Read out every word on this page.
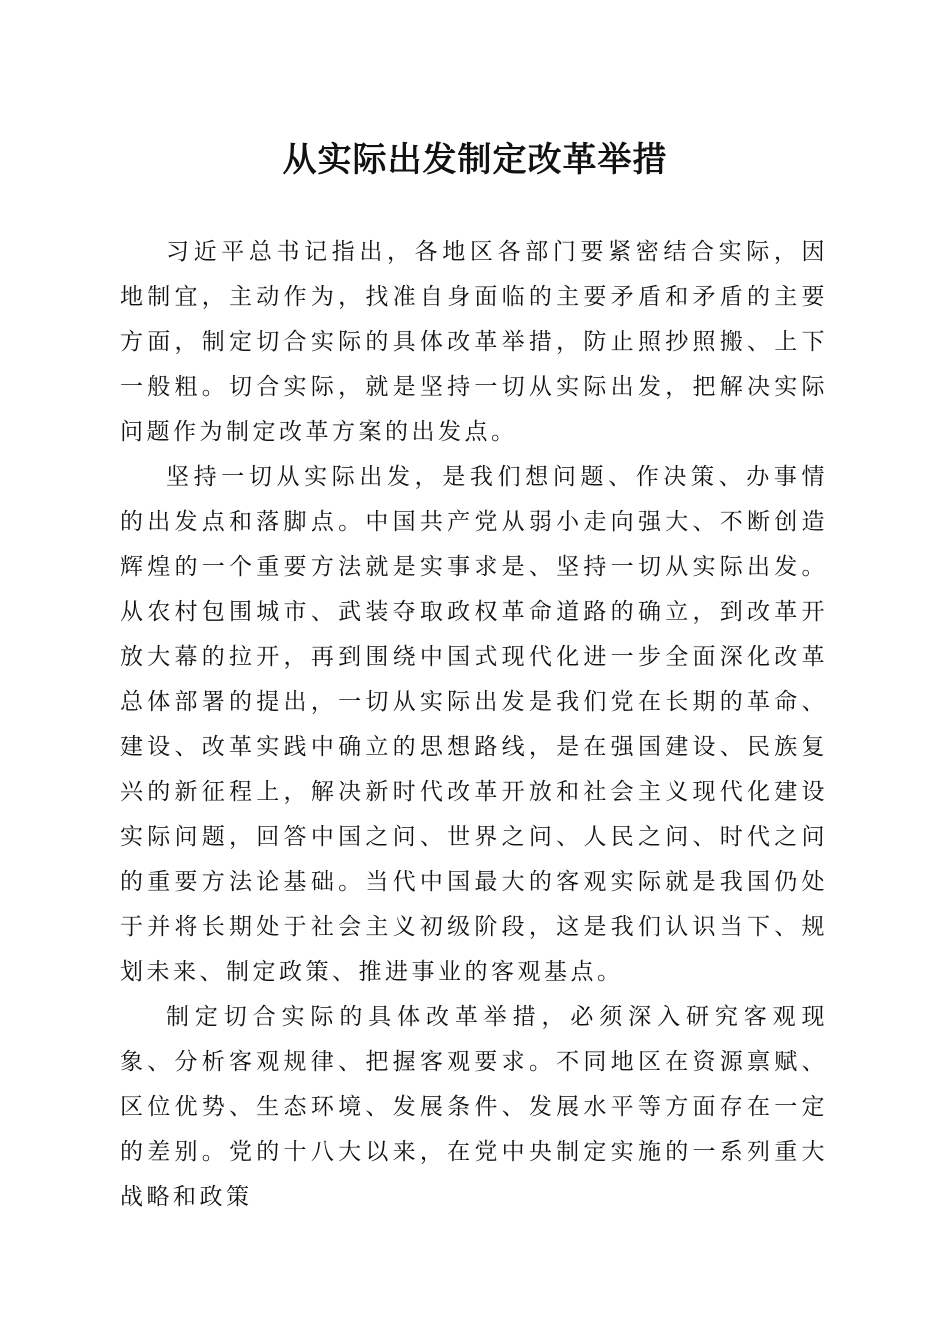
从实际出发制定改革举措

习近平总书记指出，各地区各部门要紧密结合实际，因地制宜，主动作为，找准自身面临的主要矛盾和矛盾的主要方面，制定切合实际的具体改革举措，防止照抄照搬、上下一般粗。切合实际，就是坚持一切从实际出发，把解决实际问题作为制定改革方案的出发点。

坚持一切从实际出发，是我们想问题、作决策、办事情的出发点和落脚点。中国共产党从弱小走向强大、不断创造辉煌的一个重要方法就是实事求是、坚持一切从实际出发。从农村包围城市、武装夺取政权革命道路的确立，到改革开放大幕的拉开，再到围绕中国式现代化进一步全面深化改革总体部署的提出，一切从实际出发是我们党在长期的革命、建设、改革实践中确立的思想路线，是在强国建设、民族复兴的新征程上，解决新时代改革开放和社会主义现代化建设实际问题，回答中国之问、世界之问、人民之问、时代之问的重要方法论基础。当代中国最大的客观实际就是我国仍处于并将长期处于社会主义初级阶段，这是我们认识当下、规划未来、制定政策、推进事业的客观基点。

制定切合实际的具体改革举措，必须深入研究客观现象、分析客观规律、把握客观要求。不同地区在资源禀赋、区位优势、生态环境、发展条件、发展水平等方面存在一定的差别。党的十八大以来，在党中央制定实施的一系列重大战略和政策
